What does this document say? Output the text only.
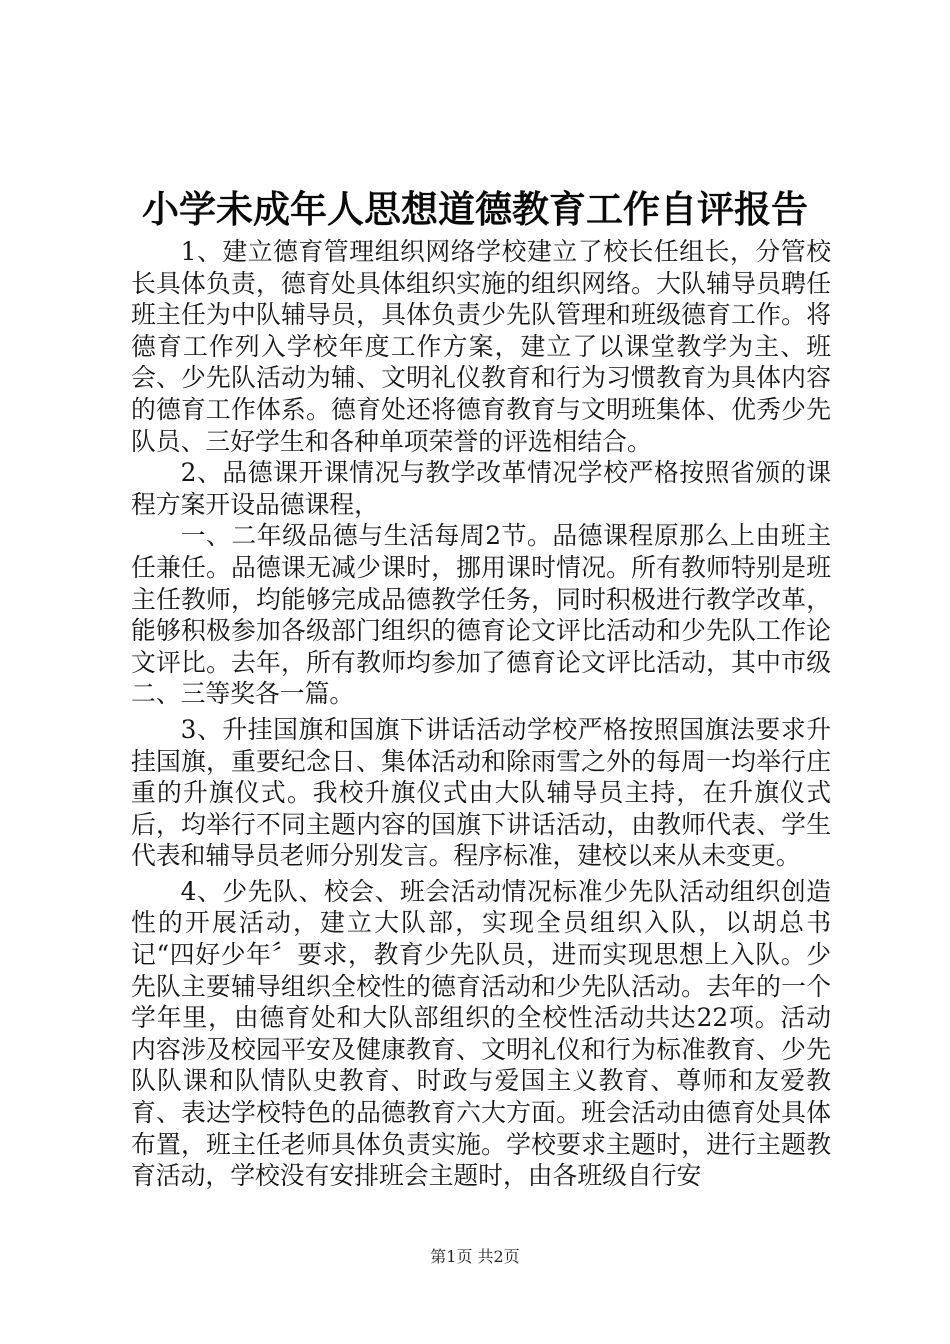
小学未成年人思想道德教育工作自评报告

1、建立德育管理组织网络学校建立了校长任组长，分管校长具体负责，德育处具体组织实施的组织网络。大队辅导员聘任班主任为中队辅导员，具体负责少先队管理和班级德育工作。将德育工作列入学校年度工作方案，建立了以课堂教学为主、班会、少先队活动为辅、文明礼仪教育和行为习惯教育为具体内容的德育工作体系。德育处还将德育教育与文明班集体、优秀少先队员、三好学生和各种单项荣誉的评选相结合。

2、品德课开课情况与教学改革情况学校严格按照省颁的课程方案开设品德课程，

一、二年级品德与生活每周2节。品德课程原那么上由班主任兼任。品德课无减少课时，挪用课时情况。所有教师特别是班主任教师，均能够完成品德教学任务，同时积极进行教学改革，能够积极参加各级部门组织的德育论文评比活动和少先队工作论文评比。去年，所有教师均参加了德育论文评比活动，其中市级二、三等奖各一篇。

3、升挂国旗和国旗下讲话活动学校严格按照国旗法要求升挂国旗，重要纪念日、集体活动和除雨雪之外的每周一均举行庄重的升旗仪式。我校升旗仪式由大队辅导员主持，在升旗仪式后，均举行不同主题内容的国旗下讲话活动，由教师代表、学生代表和辅导员老师分别发言。程序标准，建校以来从未变更。

4、少先队、校会、班会活动情况标准少先队活动组织创造性的开展活动，建立大队部，实现全员组织入队，以胡总书记“四好少年〞要求，教育少先队员，进而实现思想上入队。少先队主要辅导组织全校性的德育活动和少先队活动。去年的一个学年里，由德育处和大队部组织的全校性活动共达22项。活动内容涉及校园平安及健康教育、文明礼仪和行为标准教育、少先队队课和队情队史教育、时政与爱国主义教育、尊师和友爱教育、表达学校特色的品德教育六大方面。班会活动由德育处具体布置，班主任老师具体负责实施。学校要求主题时，进行主题教育活动，学校没有安排班会主题时，由各班级自行安

第1页 共2页
